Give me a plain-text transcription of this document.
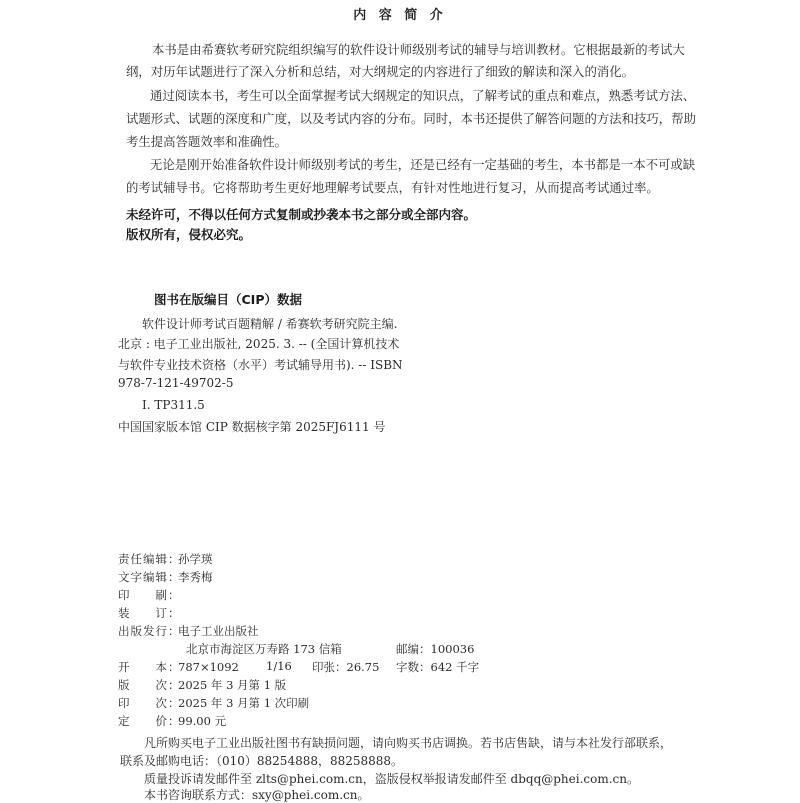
内 容 简 介
本书是由希赛软考研究院组织编写的软件设计师级别考试的辅导与培训教材。它根据最新的考试大
纲，对历年试题进行了深入分析和总结，对大纲规定的内容进行了细致的解读和深入的消化。
通过阅读本书，考生可以全面掌握考试大纲规定的知识点，了解考试的重点和难点，熟悉考试方法、
试题形式、试题的深度和广度，以及考试内容的分布。同时，本书还提供了解答问题的方法和技巧，帮助
考生提高答题效率和准确性。
无论是刚开始准备软件设计师级别考试的考生，还是已经有一定基础的考生，本书都是一本不可或缺
的考试辅导书。它将帮助考生更好地理解考试要点，有针对性地进行复习，从而提高考试通过率。
未经许可，不得以任何方式复制或抄袭本书之部分或全部内容。
版权所有，侵权必究。
图书在版编目（CIP）数据
软件设计师考试百题精解 / 希赛软考研究院主编.
北京 : 电子工业出版社, 2025. 3. -- (全国计算机技术
与软件专业技术资格（水平）考试辅导用书). -- ISBN
978-7-121-49702-5
Ⅰ. TP311.5
中国国家版本馆 CIP 数据核字第 2025FJ6111 号
责任编辑：孙学瑛
文字编辑：李秀梅
印　　刷：
装　　订：
出版发行：电子工业出版社
北京市海淀区万寿路 173 信箱	邮编：100036
开　　本：787×1092 1/16 印张：26.75 字数：642 千字
版　　次：2025 年 3 月第 1 版
印　　次：2025 年 3 月第 1 次印刷
定　　价：99.00 元
凡所购买电子工业出版社图书有缺损问题，请向购买书店调换。若书店售缺，请与本社发行部联系，
联系及邮购电话：（010）88254888，88258888。
质量投诉请发邮件至 zlts@phei.com.cn，盗版侵权举报请发邮件至 dbqq@phei.com.cn。
本书咨询联系方式：sxy@phei.com.cn。
